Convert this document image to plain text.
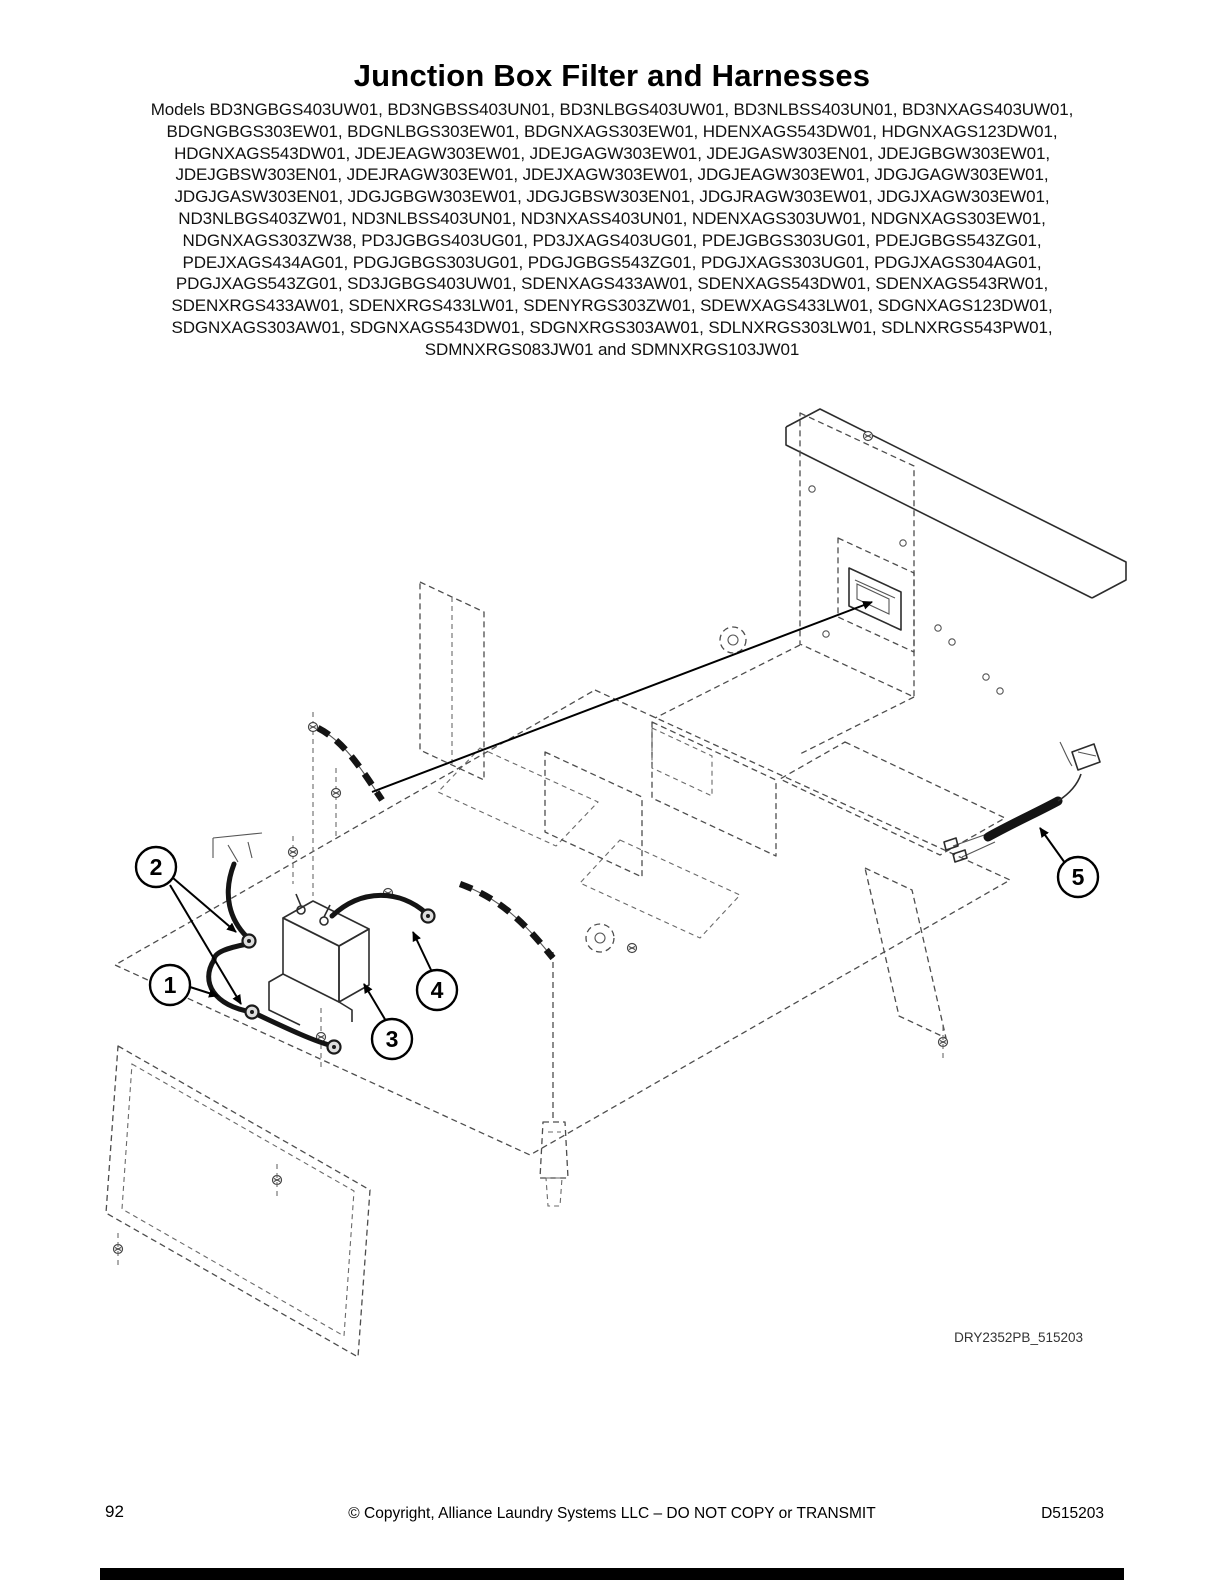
Junction Box Filter and Harnesses
Models BD3NGBGS403UW01, BD3NGBSS403UN01, BD3NLBGS403UW01, BD3NLBSS403UN01, BD3NXAGS403UW01,
BDGNGBGS303EW01, BDGNLBGS303EW01, BDGNXAGS303EW01, HDENXAGS543DW01, HDGNXAGS123DW01,
HDGNXAGS543DW01, JDEJEAGW303EW01, JDEJGAGW303EW01, JDEJGASW303EN01, JDEJGBGW303EW01,
JDEJGBSW303EN01, JDEJRAGW303EW01, JDEJXAGW303EW01, JDGJEAGW303EW01, JDGJGAGW303EW01,
JDGJGASW303EN01, JDGJGBGW303EW01, JDGJGBSW303EN01, JDGJRAGW303EW01, JDGJXAGW303EW01,
ND3NLBGS403ZW01, ND3NLBSS403UN01, ND3NXASS403UN01, NDENXAGS303UW01, NDGNXAGS303EW01,
NDGNXAGS303ZW38, PD3JGBGS403UG01, PD3JXAGS403UG01, PDEJGBGS303UG01, PDEJGBGS543ZG01,
PDEJXAGS434AG01, PDGJGBGS303UG01, PDGJGBGS543ZG01, PDGJXAGS303UG01, PDGJXAGS304AG01,
PDGJXAGS543ZG01, SD3JGBGS403UW01, SDENXAGS433AW01, SDENXAGS543DW01, SDENXAGS543RW01,
SDENXRGS433AW01, SDENXRGS433LW01, SDENYRGS303ZW01, SDEWXAGS433LW01, SDGNXAGS123DW01,
SDGNXAGS303AW01, SDGNXAGS543DW01, SDGNXRGS303AW01, SDLNXRGS303LW01, SDLNXRGS543PW01,
SDMNXRGS083JW01 and SDMNXRGS103JW01
1
2
3
4
5
DRY2352PB_515203
92	© Copyright, Alliance Laundry Systems LLC – DO NOT COPY or TRANSMIT	D515203
